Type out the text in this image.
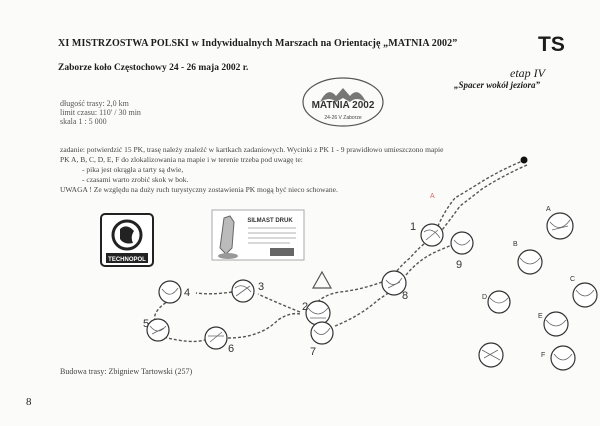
XI MISTRZOSTWA POLSKI w Indywidualnych Marszach na Orientację „MATNIA 2002”
Zaborze koło Częstochowy 24 - 26 maja 2002 r.
TS
etap IV
„Spacer wokół jeziora”
MATNIA 2002
24-26 V Zaborze
długość trasy: 2,0 km
limit czasu: 110' / 30 min
skala 1 : 5 000
zadanie: potwierdzić 15 PK, trasę należy znaleźć w kartkach zadaniowych. Wycinki z PK 1 - 9 prawidłowo umieszczono mapie
PK A, B, C, D, E, F do zlokalizowania na mapie i w terenie trzeba pod uwagę te:
- pika jest okrągła a tarty są dwie,
- czasami warto zrobić skok w bok.
UWAGA ! Ze względu na duży ruch turystyczny zostawienia PK mogą być nieco schowane.
TECHNOPOL
SILMAST DRUK
A
1
2
3
4
5
6	7
8
9
A
B
C
D
E
F
Budowa trasy: Zbigniew Tartowski (257)
8
